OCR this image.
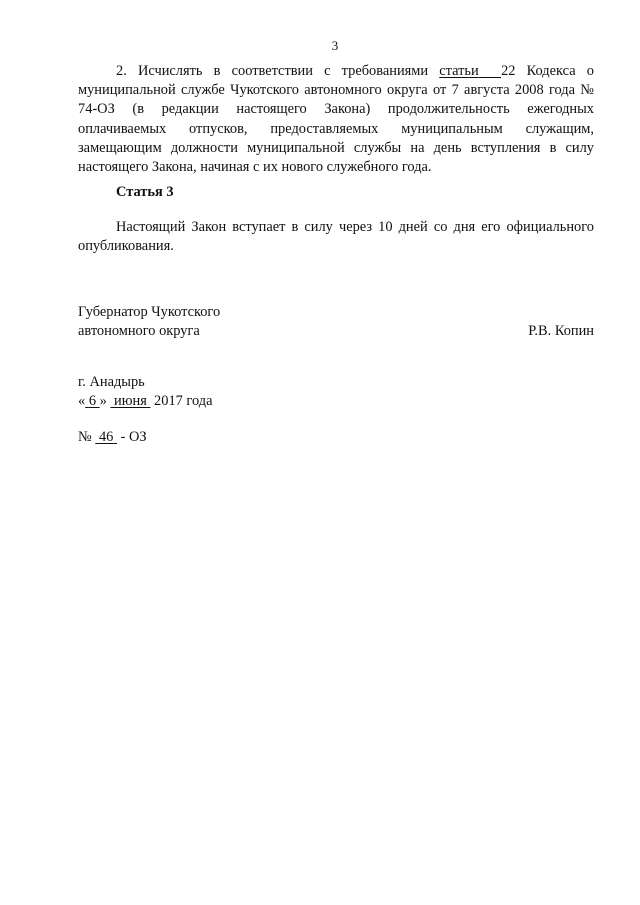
3

2. Исчислять в соответствии с требованиями статьи 22 Кодекса о муниципальной службе Чукотского автономного округа от 7 августа 2008 года № 74-ОЗ (в редакции настоящего Закона) продолжительность ежегодных оплачиваемых отпусков, предоставляемых муниципальным служащим, замещающим должности муниципальной службы на день вступления в силу настоящего Закона, начиная с их нового служебного года.

Статья 3

Настоящий Закон вступает в силу через 10 дней со дня его официального опубликования.

Губернатор Чукотского
автономного округа	Р.В. Копин
г. Анадырь
« 6 » июня 2017 года
№ 46 - ОЗ
